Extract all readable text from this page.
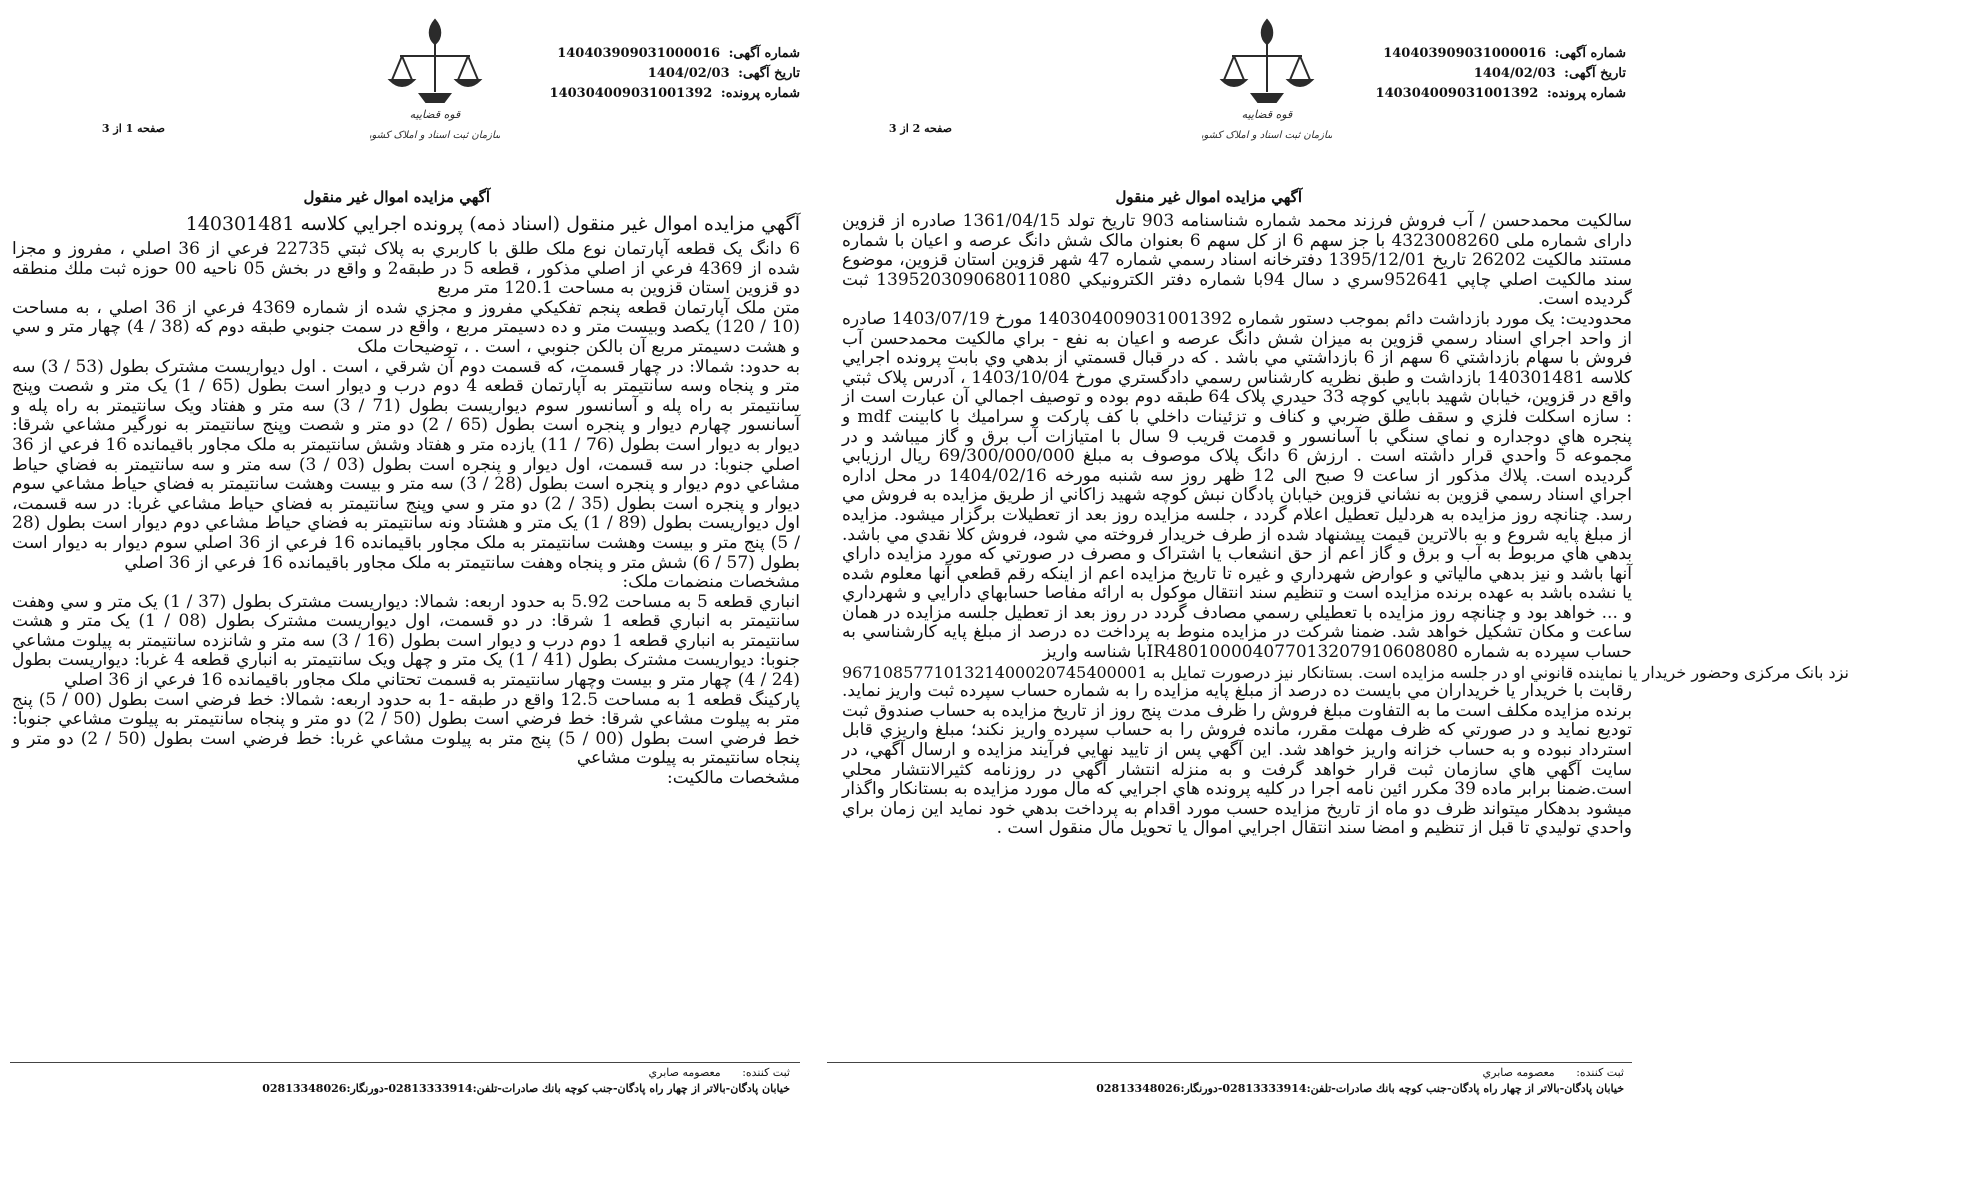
شماره آگهی: 140403909031000016
تاریخ آگهی: 1404/02/03
شماره پرونده: 140304009031001392
قوه قضاییه
سازمان ثبت اسناد و املاک کشور
صفحه 2 از 3
آگهي مزايده اموال غير منقول

سالکیت محمدحسن / آب فروش فرزند محمد شماره شناسنامه 903 تاریخ تولد 1361/04/15 صادره از قزوین دارای شماره ملی 4323008260 با جز سهم 6 از کل سهم 6 بعنوان مالک شش دانگ عرصه و اعیان با شماره مستند مالکیت 26202 تاریخ 1395/12/01 دفترخانه اسناد رسمي شماره 47 شهر قزوین استان قزوین، موضوع سند مالکیت اصلي چاپي 952641سري د سال 94با شماره دفتر الکترونيكي 139520309068011080 ثبت گرديده است.

محدوديت: يک مورد بازداشت دائم بموجب دستور شماره 140304009031001392 مورخ 1403/07/19 صادره از واحد اجراي اسناد رسمي قزوين به ميزان شش دانگ عرصه و اعيان به نفع - براي مالکيت محمدحسن آب فروش با سهام بازداشتي 6 سهم از 6 بازداشتي مي باشد . كه در قبال قسمتي از بدهي وي بابت پرونده اجرايي كلاسه 140301481 بازداشت و طبق نظريه كارشناس رسمي دادگستري مورخ 1403/10/04 ، آدرس پلاک ثبتي واقع در قزوين، خيابان شهيد بابايي كوچه 33 حيدري پلاک 64 طبقه دوم بوده و توصيف اجمالي آن عبارت است از : سازه اسكلت فلزي و سقف طلق ضربي و كناف و تزئينات داخلي با كف پاركت و سراميك با كابينت mdf و پنجره هاي دوجداره و نماي سنگي با آسانسور و قدمت قريب 9 سال با امتيازات آب برق و گاز ميباشد و در مجموعه 5 واحدي قرار داشته است . ارزش 6 دانگ پلاک موصوف به مبلغ 69/300/000/000 ريال ارزيابي گرديده است. پلاك مذكور از ساعت 9 صبح الی 12 ظهر روز سه شنبه مورخه 1404/02/16 در محل اداره اجراي اسناد رسمي قزوين به نشاني قزوين خيابان پادگان نبش كوچه شهيد زاكاني از طريق مزايده به فروش مي رسد. چنانچه روز مزايده به هردليل تعطيل اعلام گردد ، جلسه مزايده روز بعد از تعطيلات برگزار ميشود. مزايده از مبلغ پايه شروع و به بالاترين قيمت پيشنهاد شده از طرف خريدار فروخته مي شود، فروش كلا نقدي مي باشد. بدهي هاي مربوط به آب و برق و گاز اعم از حق انشعاب يا اشتراک و مصرف در صورتي كه مورد مزايده داراي آنها باشد و نيز بدهي مالياتي و عوارض شهرداري و غيره تا تاريخ مزايده اعم از اينكه رقم قطعي آنها معلوم شده يا نشده باشد به عهده برنده مزايده است و تنظيم سند انتقال موکول به ارائه مفاصا حسابهاي دارايي و شهرداري و ... خواهد بود و چنانچه روز مزايده با تعطيلي رسمي مصادف گردد در روز بعد از تعطيل جلسه مزايده در همان ساعت و مكان تشكيل خواهد شد. ضمنا شركت در مزايده منوط به پرداخت ده درصد از مبلغ پايه كارشناسي به حساب سپرده به شماره IR480100004077013207910608080با شناسه واريز

967108577101321400020745400001 نزد بانک مرکزی وحضور خريدار يا نماينده قانوني او در جلسه مزايده است. بستانكار نيز درصورت تمايل به

رقابت با خريدار يا خريداران مي بايست ده درصد از مبلغ پايه مزايده را به شماره حساب سپرده ثبت واريز نمايد. برنده مزايده مكلف است ما به التفاوت مبلغ فروش را ظرف مدت پنج روز از تاريخ مزايده به حساب صندوق ثبت توديع نمايد و در صورتي كه ظرف مهلت مقرر، مانده فروش را به حساب سپرده واريز نكند؛ مبلغ واريزي قابل استرداد نبوده و به حساب خزانه واريز خواهد شد. اين آگهي پس از تاييد نهايي فرآيند مزايده و ارسال آگهي، در سايت آگهي هاي سازمان ثبت قرار خواهد گرفت و به منزله انتشار آگهي در روزنامه كثيرالانتشار محلي است.ضمنا برابر ماده 39 مكرر ائين نامه اجرا در كليه پرونده هاي اجرايي كه مال مورد مزايده به بستانكار واگذار ميشود بدهكار ميتواند ظرف دو ماه از تاريخ مزايده حسب مورد اقدام به پرداخت بدهي خود نمايد اين زمان براي واحدي توليدي تا قبل از تنظيم و امضا سند انتقال اجرايي اموال يا تحويل مال منقول است .

ثبت کننده: معصومه صابري
خيابان پادگان-بالاتر از چهار راه پادگان-جنب كوچه بانك صادرات-تلفن:02813333914-دورنگار:02813348026
شماره آگهی: 140403909031000016
تاریخ آگهی: 1404/02/03
شماره پرونده: 140304009031001392
قوه قضاییه
سازمان ثبت اسناد و املاک کشور
صفحه 1 از 3
آگهي مزايده اموال غير منقول

آگهي مزايده اموال غير منقول (اسناد ذمه) پرونده اجرايي كلاسه 140301481

6 دانگ يک قطعه آپارتمان نوع ملک طلق با كاربري به پلاک ثبتي 22735 فرعي از 36 اصلي ، مفروز و مجزا شده از 4369 فرعي از اصلي مذكور ، قطعه 5 در طبقه2 و واقع در بخش 05 ناحيه 00 حوزه ثبت ملك منطقه دو قزوين استان قزوين به مساحت 120.1 متر مربع

متن ملک آپارتمان قطعه پنجم تفكيكي مفروز و مجزي شده از شماره 4369 فرعي از 36 اصلي ، به مساحت (10 / 120) يكصد وبيست متر و ده دسيمتر مربع ، واقع در سمت جنوبي طبقه دوم كه (38 / 4) چهار متر و سي و هشت دسيمتر مربع آن بالكن جنوبي ، است . ، توضيحات ملک

به حدود: شمالا: در چهار قسمت، كه قسمت دوم آن شرقي ، است . اول ديواريست مشترک بطول (53 / 3) سه متر و پنجاه وسه سانتيمتر به آپارتمان قطعه 4 دوم درب و ديوار است بطول (65 / 1) يک متر و شصت وپنج سانتيمتر به راه پله و آسانسور سوم ديواريست بطول (71 / 3) سه متر و هفتاد ويک سانتيمتر به راه پله و آسانسور چهارم ديوار و پنجره است بطول (65 / 2) دو متر و شصت وپنج سانتيمتر به نورگير مشاعي شرقا: ديوار به ديوار است بطول (76 / 11) يازده متر و هفتاد وشش سانتيمتر به ملک مجاور باقيمانده 16 فرعي از 36 اصلي جنوبا: در سه قسمت، اول ديوار و پنجره است بطول (03 / 3) سه متر و سه سانتيمتر به فضاي حياط مشاعي دوم ديوار و پنجره است بطول (28 / 3) سه متر و بيست وهشت سانتيمتر به فضاي حياط مشاعي سوم ديوار و پنجره است بطول (35 / 2) دو متر و سي وپنج سانتيمتر به فضاي حياط مشاعي غربا: در سه قسمت، اول ديواريست بطول (89 / 1) يک متر و هشتاد ونه سانتيمتر به فضاي حياط مشاعي دوم ديوار است بطول (28 / 5) پنج متر و بيست وهشت سانتيمتر به ملک مجاور باقيمانده 16 فرعي از 36 اصلي سوم ديوار به ديوار است بطول (57 / 6) شش متر و پنجاه وهفت سانتيمتر به ملک مجاور باقيمانده 16 فرعي از 36 اصلي

مشخصات منضمات ملک:

انباري قطعه 5 به مساحت 5.92 به حدود اربعه: شمالا: ديواريست مشترک بطول (37 / 1) يک متر و سي وهفت سانتيمتر به انباري قطعه 1 شرقا: در دو قسمت، اول ديواريست مشترک بطول (08 / 1) يک متر و هشت سانتيمتر به انباري قطعه 1 دوم درب و ديوار است بطول (16 / 3) سه متر و شانزده سانتيمتر به پيلوت مشاعي جنوبا: ديواريست مشترک بطول (41 / 1) يک متر و چهل ويک سانتيمتر به انباري قطعه 4 غربا: ديواريست بطول (24 / 4) چهار متر و بيست وچهار سانتيمتر به قسمت تحتاني ملک مجاور باقيمانده 16 فرعي از 36 اصلي

پاركينگ قطعه 1 به مساحت 12.5 واقع در طبقه -1 به حدود اربعه: شمالا: خط فرضي است بطول (00 / 5) پنج متر به پيلوت مشاعي شرقا: خط فرضي است بطول (50 / 2) دو متر و پنجاه سانتيمتر به پيلوت مشاعي جنوبا: خط فرضي است بطول (00 / 5) پنج متر به پيلوت مشاعي غربا: خط فرضي است بطول (50 / 2) دو متر و پنجاه سانتيمتر به پيلوت مشاعي

مشخصات مالكيت:

ثبت کننده: معصومه صابري
خيابان پادگان-بالاتر از چهار راه پادگان-جنب كوچه بانك صادرات-تلفن:02813333914-دورنگار:02813348026
